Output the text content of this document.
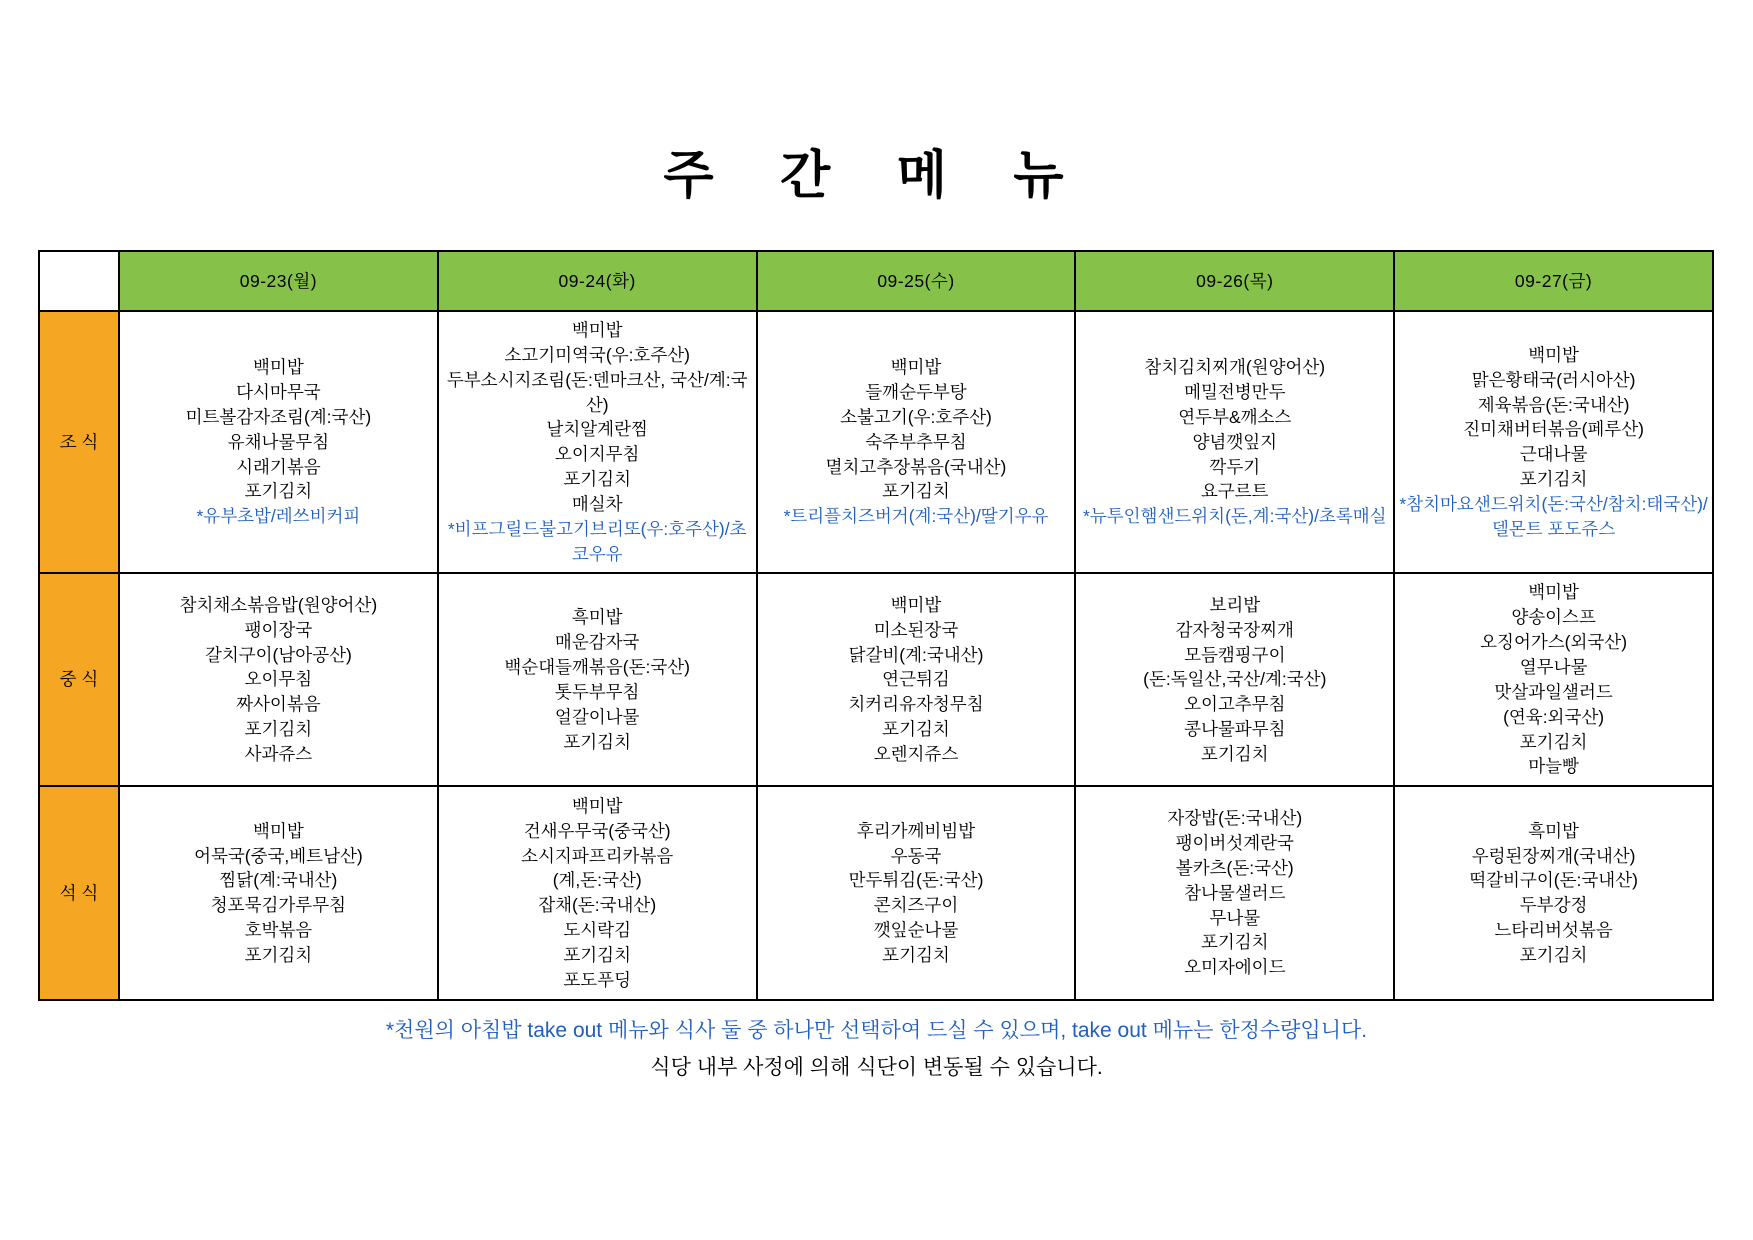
주 간 메 뉴
	09-23(월)	09-24(화)	09-25(수)	09-26(목)	09-27(금)
조 식	
백미밥
다시마무국
미트볼감자조림(계:국산)
유채나물무침
시래기볶음
포기김치
*유부초밥/레쓰비커피

백미밥
소고기미역국(우:호주산)
두부소시지조림(돈:덴마크산, 국산/계:국산)
날치알계란찜
오이지무침
포기김치
매실차
*비프그릴드불고기브리또(우:호주산)/초코우유

백미밥
들깨순두부탕
소불고기(우:호주산)
숙주부추무침
멸치고추장볶음(국내산)
포기김치
*트리플치즈버거(계:국산)/딸기우유

참치김치찌개(원양어산)
메밀전병만두
연두부&깨소스
양념깻잎지
깍두기
요구르트
*뉴투인햄샌드위치(돈,계:국산)/초록매실

백미밥
맑은황태국(러시아산)
제육볶음(돈:국내산)
진미채버터볶음(페루산)
근대나물
포기김치
*참치마요샌드위치(돈:국산/참치:태국산)/델몬트 포도쥬스

중 식	
참치채소볶음밥(원양어산)
팽이장국
갈치구이(남아공산)
오이무침
짜사이볶음
포기김치
사과쥬스

흑미밥
매운감자국
백순대들깨볶음(돈:국산)
톳두부무침
얼갈이나물
포기김치

백미밥
미소된장국
닭갈비(계:국내산)
연근튀김
치커리유자청무침
포기김치
오렌지쥬스

보리밥
감자청국장찌개
모듬캠핑구이
(돈:독일산,국산/계:국산)
오이고추무침
콩나물파무침
포기김치

백미밥
양송이스프
오징어가스(외국산)
열무나물
맛살과일샐러드
(연육:외국산)
포기김치
마늘빵

석 식	
백미밥
어묵국(중국,베트남산)
찜닭(계:국내산)
청포묵김가루무침
호박볶음
포기김치

백미밥
건새우무국(중국산)
소시지파프리카볶음
(계,돈:국산)
잡채(돈:국내산)
도시락김
포기김치
포도푸딩

후리가께비빔밥
우동국
만두튀김(돈:국산)
콘치즈구이
깻잎순나물
포기김치

자장밥(돈:국내산)
팽이버섯계란국
볼카츠(돈:국산)
참나물샐러드
무나물
포기김치
오미자에이드

흑미밥
우렁된장찌개(국내산)
떡갈비구이(돈:국내산)
두부강정
느타리버섯볶음
포기김치
*천원의 아침밥 take out 메뉴와 식사 둘 중 하나만 선택하여 드실 수 있으며, take out 메뉴는 한정수량입니다.
식당 내부 사정에 의해 식단이 변동될 수 있습니다.
